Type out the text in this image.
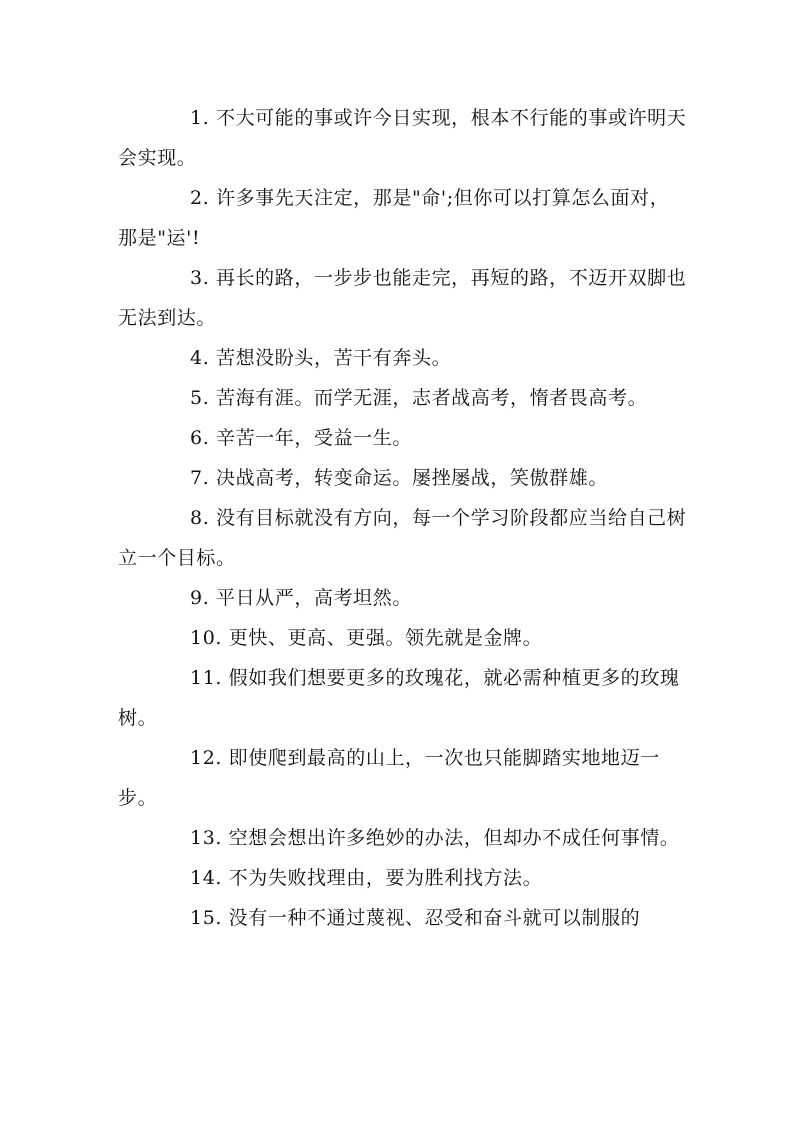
1. 不大可能的事或许今日实现，根本不行能的事或许明天会实现。

2. 许多事先天注定，那是"命';但你可以打算怎么面对，那是"运'!

3. 再长的路，一步步也能走完，再短的路，不迈开双脚也无法到达。

4. 苦想没盼头，苦干有奔头。

5. 苦海有涯。而学无涯，志者战高考，惰者畏高考。

6. 辛苦一年，受益一生。

7. 决战高考，转变命运。屡挫屡战，笑傲群雄。

8. 没有目标就没有方向，每一个学习阶段都应当给自己树立一个目标。

9. 平日从严，高考坦然。

10. 更快、更高、更强。领先就是金牌。

11. 假如我们想要更多的玫瑰花，就必需种植更多的玫瑰树。

12. 即使爬到最高的山上，一次也只能脚踏实地地迈一步。

13. 空想会想出许多绝妙的办法，但却办不成任何事情。

14. 不为失败找理由，要为胜利找方法。

15. 没有一种不通过蔑视、忍受和奋斗就可以制服的
